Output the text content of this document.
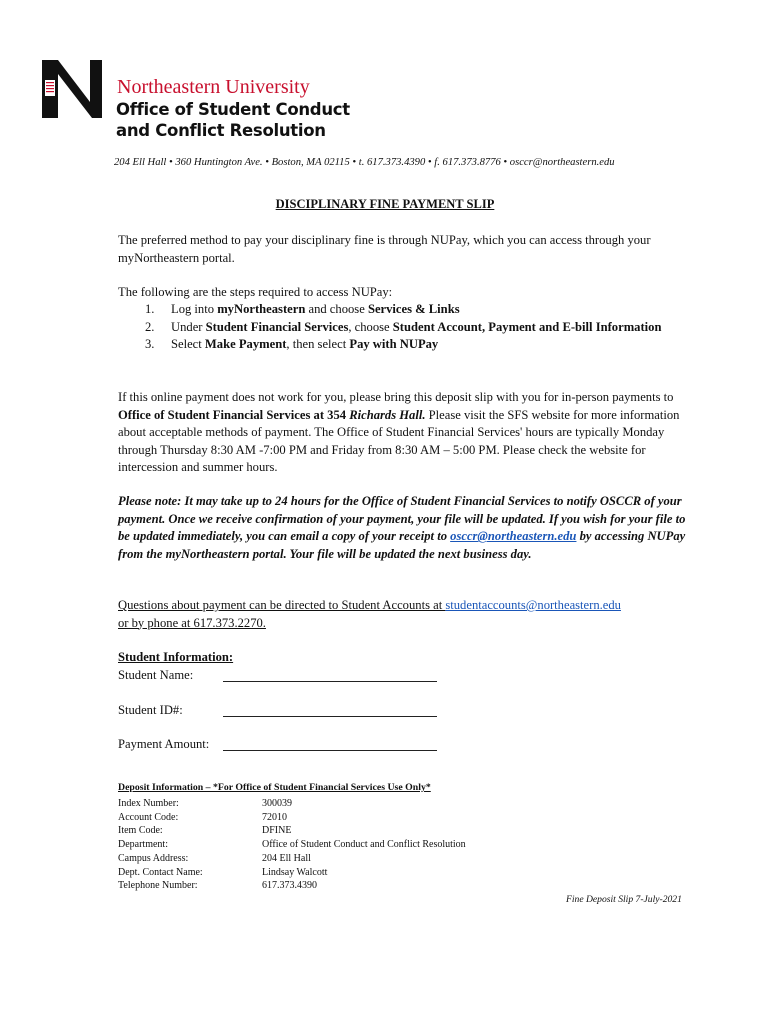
Northeastern University
Office of Student Conduct
and Conflict Resolution
204 Ell Hall • 360 Huntington Ave. • Boston, MA 02115 • t. 617.373.4390 • f. 617.373.8776 • osccr@northeastern.edu
DISCIPLINARY FINE PAYMENT SLIP
The preferred method to pay your disciplinary fine is through NUPay, which you can access through your myNortheastern portal.
The following are the steps required to access NUPay:
1.	Log into myNortheastern and choose Services & Links
2.	Under Student Financial Services, choose Student Account, Payment and E-bill Information
3.	Select Make Payment, then select Pay with NUPay
If this online payment does not work for you, please bring this deposit slip with you for in-person payments to Office of Student Financial Services at 354 Richards Hall. Please visit the SFS website for more information about acceptable methods of payment. The Office of Student Financial Services' hours are typically Monday through Thursday 8:30 AM -7:00 PM and Friday from 8:30 AM – 5:00 PM. Please check the website for intercession and summer hours.
Please note: It may take up to 24 hours for the Office of Student Financial Services to notify OSCCR of your payment. Once we receive confirmation of your payment, your file will be updated. If you wish for your file to be updated immediately, you can email a copy of your receipt to osccr@northeastern.edu by accessing NUPay from the myNortheastern portal. Your file will be updated the next business day.
Questions about payment can be directed to Student Accounts at studentaccounts@northeastern.edu
or by phone at 617.373.2270.
Student Information:
Student Name:
Student ID#:
Payment Amount:
Deposit Information – *For Office of Student Financial Services Use Only*
Index Number:	300039
Account Code:	72010
Item Code:	DFINE
Department:	Office of Student Conduct and Conflict Resolution
Campus Address:	204 Ell Hall
Dept. Contact Name:	Lindsay Walcott
Telephone Number:	617.373.4390
Fine Deposit Slip 7-July-2021
